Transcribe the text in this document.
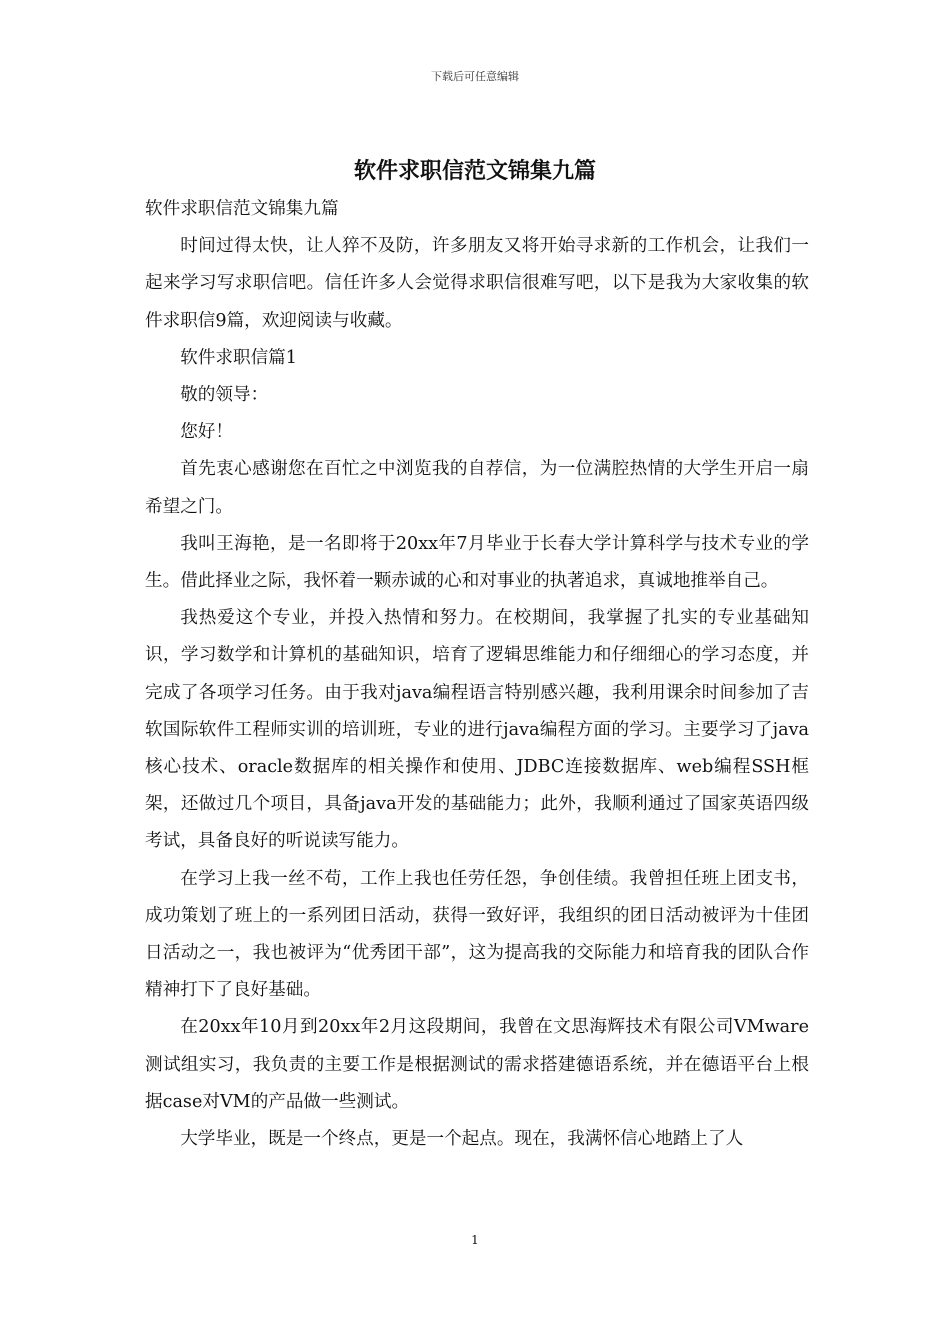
下载后可任意编辑
软件求职信范文锦集九篇

软件求职信范文锦集九篇

时间过得太快，让人猝不及防，许多朋友又将开始寻求新的工作机会，让我们一起来学习写求职信吧。信任许多人会觉得求职信很难写吧，以下是我为大家收集的软件求职信9篇，欢迎阅读与收藏。

软件求职信篇1

敬的领导：

您好！

首先衷心感谢您在百忙之中浏览我的自荐信，为一位满腔热情的大学生开启一扇希望之门。

我叫王海艳，是一名即将于20xx年7月毕业于长春大学计算科学与技术专业的学生。借此择业之际，我怀着一颗赤诚的心和对事业的执著追求，真诚地推举自己。

我热爱这个专业，并投入热情和努力。在校期间，我掌握了扎实的专业基础知识，学习数学和计算机的基础知识，培育了逻辑思维能力和仔细细心的学习态度，并完成了各项学习任务。由于我对java编程语言特别感兴趣，我利用课余时间参加了吉软国际软件工程师实训的培训班，专业的进行java编程方面的学习。主要学习了java核心技术、oracle数据库的相关操作和使用、JDBC连接数据库、web编程SSH框架，还做过几个项目，具备java开发的基础能力；此外，我顺利通过了国家英语四级考试，具备良好的听说读写能力。

在学习上我一丝不苟，工作上我也任劳任怨，争创佳绩。我曾担任班上团支书，成功策划了班上的一系列团日活动，获得一致好评，我组织的团日活动被评为十佳团日活动之一，我也被评为“优秀团干部”，这为提高我的交际能力和培育我的团队合作精神打下了良好基础。

在20xx年10月到20xx年2月这段期间，我曾在文思海辉技术有限公司VMware测试组实习，我负责的主要工作是根据测试的需求搭建德语系统，并在德语平台上根据case对VM的产品做一些测试。

大学毕业，既是一个终点，更是一个起点。现在，我满怀信心地踏上了人

1
